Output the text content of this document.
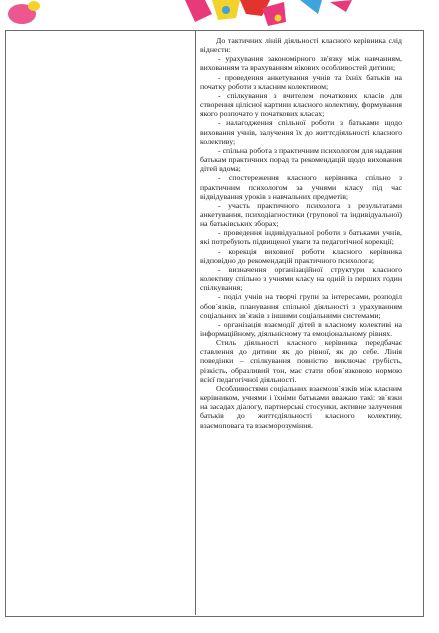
До тактичних ліній діяльності класного керівника слід віднести:

- урахування закономірного зв'язку між навчанням, вихованням та врахуванням вікових особливостей дитини;

- проведення анкетування учнів та їхніх батьків на початку роботи з класним колективом;

- спілкування з вчителем початкових класів для створення цілісної картини класного колективу, формування якого розпочато у початкових класах;

- налагодження спільної роботи з батьками щодо виховання учнів, залучення їх до життєдіяльності класного колективу;

- спільна робота з практичним психологом для надання батькам практичних порад та рекомендацій щодо виховання дітей вдома;

- спостереження класного керівника спільно з практичним психологом за учнями класу під час відвідування уроків з навчальних предметів;

- участь практичного психолога з результатами анкетування, психодіагностики (групової та індивідуальної) на батьківських зборах;

- проведення індивідуальної роботи з батьками учнів, які потребують підвищеної уваги та педагогічної корекції;

- корекція виховної роботи класного керівника відповідно до рекомендацій практичного психолога;

- визначення організаційної структури класного колективу спільно з учнями класу на одній із перших годин спілкування;

- поділ учнів на творчі групи за інтересами, розподіл обов`язків, планування спільної діяльності з урахуванням соціальних зв`язків з іншими соціальними системами;

- організація взаємодії дітей в класному колективі на інформаційному, діяльнісному та емоціональному рівнях.

Стиль діяльності класного керівника передбачає ставлення до дитини як до рівної, як до себе. Лінія поведінки – спілкування повністю виключає грубість, різкість, образливий тон, має стати обов`язковою нормою всієї педагогічної діяльності.

Особливостями соціальних взаємозв`язків між класним керівником, учнями і їхніми батьками вважаю такі: зв`язки на засадах діалогу, партнерські стосунки, активне залучення батьків до життєдіяльності класного колективу, взаємоповага та взаєморозуміння.
